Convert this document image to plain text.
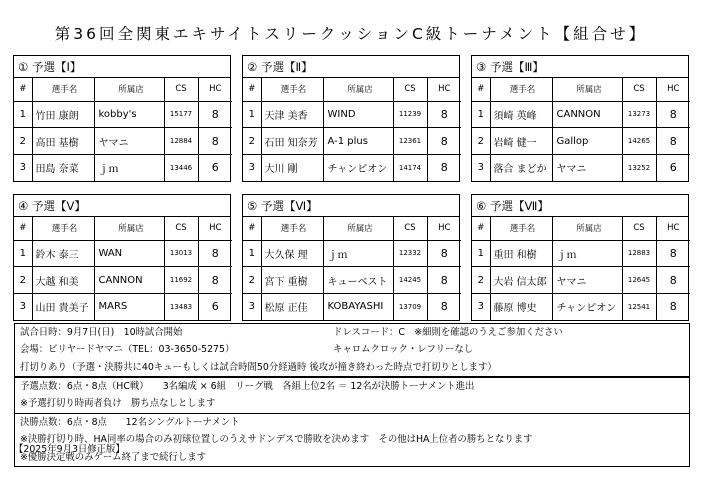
第36回全関東エキサイトスリークッションC級トーナメント【組合せ】
① 予選【Ⅰ】
#	選手名	所属店	CS	HC
1	竹田 康朗	kobby's	15177	8
2	高田 基樹	ヤマニ	12884	8
3	田島 奈菜	ｊｍ	13446	6
② 予選【Ⅱ】
#	選手名	所属店	CS	HC
1	天津 美香	WIND	11239	8
2	石田 知奈芳	A-1 plus	12361	8
3	大川 剛	チャンピオン	14174	8
③ 予選【Ⅲ】
#	選手名	所属店	CS	HC
1	須崎 英峰	CANNON	13273	8
2	岩崎 健一	Gallop	14265	8
3	落合 まどか	ヤマニ	13252	6
④ 予選【Ⅴ】
#	選手名	所属店	CS	HC
1	鈴木 泰三	WAN	13013	8
2	大越 和美	CANNON	11692	8
3	山田 貴美子	MARS	13483	6
⑤ 予選【Ⅵ】
#	選手名	所属店	CS	HC
1	大久保 理	ｊｍ	12332	8
2	宮下 重樹	キューベスト	14245	8
3	松原 正佳	KOBAYASHI	13709	8
⑥ 予選【Ⅶ】
#	選手名	所属店	CS	HC
1	重田 和樹	ｊｍ	12883	8
2	大岩 信太郎	ヤマニ	12645	8
3	藤原 博史	チャンピオン	12541	8
試合日時：9月7日(日)　10時試合開始	ドレスコード：C　※細則を確認のうえご参加ください
会場：ビリヤードヤマニ（TEL：03-3650-5275）	キャロムクロック・レフリーなし
打切りあり（予選・決勝共に40キューもしくは試合時間50分経過時 後攻が撞き終わった時点で打切りとします）
予選点数：6点・8点（HC戦）　　3名編成 × 6組　リーグ戦　各組上位2名 ＝ 12名が決勝トーナメント進出
※予選打切り時両者負け　勝ち点なしとします
決勝点数：6点・8点　　12名シングルトーナメント
※決勝打切り時、HA同率の場合のみ初球位置しのうえサドンデスで勝敗を決めます　その他はHA上位者の勝ちとなります
※優勝決定戦のみゲーム終了まで続行します
【2025年9月3日修正版】
